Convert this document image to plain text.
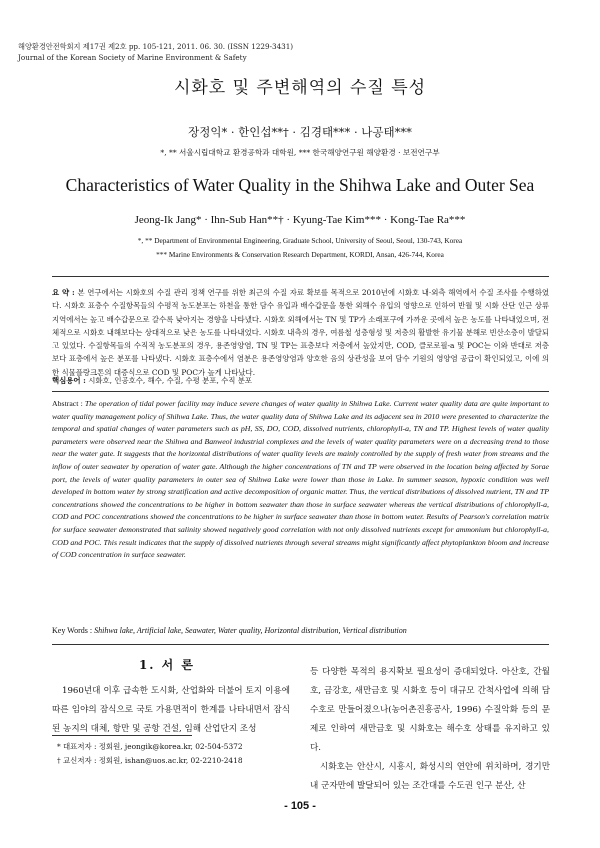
해양환경안전학회지 제17권 제2호 pp. 105-121, 2011. 06. 30. (ISSN 1229-3431)
Journal of the Korean Society of Marine Environment & Safety
시화호 및 주변해역의 수질 특성
장정익* · 한인섭**† · 김경태*** · 나공태***
*, ** 서울시립대학교 환경공학과 대학원, *** 한국해양연구원 해양환경 · 보전연구부
Characteristics of Water Quality in the Shihwa Lake and Outer Sea
Jeong-Ik Jang* · Ihn-Sub Han**† · Kyung-Tae Kim*** · Kong-Tae Ra***
*, ** Department of Environmental Engineering, Graduate School, University of Seoul, Seoul, 130-743, Korea
*** Marine Environments & Conservation Research Department, KORDI, Ansan, 426-744, Korea
요 약 : 본 연구에서는 시화호의 수질 관리 정책 연구를 위한 최근의 수질 자료 확보를 목적으로 2010년에 시화호 내·외측 해역에서 수질 조사를 수행하였다. 시화호 표층수 수질항목들의 수평적 농도분포는 하천을 통한 담수 유입과 배수갑문을 통한 외해수 유입의 영향으로 인하여 반월 및 시화 산단 인근 상류지역에서는 높고 배수갑문으로 갈수록 낮아지는 경향을 나타냈다. 시화호 외해에서는 TN 및 TP가 소래포구에 가까운 곳에서 높은 농도를 나타내었으며, 전체적으로 시화호 내해보다는 상대적으로 낮은 농도를 나타내었다. 시화호 내측의 경우, 여름철 성층형성 및 저층의 활발한 유기물 분해로 빈산소층이 발달되고 있었다. 수질항목들의 수직적 농도분포의 경우, 용존영양염, TN 및 TP는 표층보다 저층에서 높았지만, COD, 클로로필-a 및 POC는 이와 반대로 저층보다 표층에서 높은 분포를 나타냈다. 시화호 표층수에서 염분은 용존영양염과 양호한 음의 상관성을 보여 담수 기원의 영양염 공급이 확인되었고, 이에 의한 식물플랑크톤의 대증식으로 COD 및 POC가 높게 나타났다.
핵심용어 : 시화호, 인공호수, 해수, 수질, 수평 분포, 수직 분포
Abstract : The operation of tidal power facility may induce severe changes of water quality in Shihwa Lake. Current water quality data are quite important to water quality management policy of Shihwa Lake. Thus, the water quality data of Shihwa Lake and its adjacent sea in 2010 were presented to characterize the temporal and spatial changes of water parameters such as pH, SS, DO, COD, dissolved nutrients, chlorophyll-a, TN and TP. Highest levels of water quality parameters were observed near the Shihwa and Banweol industrial complexes and the levels of water quality parameters were on a decreasing trend to those near the water gate. It suggests that the horizontal distributions of water quality levels are mainly controlled by the supply of fresh water from streams and the inflow of outer seawater by operation of water gate. Although the higher concentrations of TN and TP were observed in the location being affected by Sorae port, the levels of water quality parameters in outer sea of Shihwa Lake were lower than those in Lake. In summer season, hypoxic condition was well developed in bottom water by strong stratification and active decomposition of organic matter. Thus, the vertical distributions of dissolved nutrient, TN and TP concentrations showed the concentrations to be higher in bottom seawater than those in surface seawater whereas the vertical distributions of chlorophyll-a, COD and POC concentrations showed the concentrations to be higher in surface seawater than those in bottom water. Results of Pearson's correlation matrix for surface seawater demonstrated that salinity showed negatively good correlation with not only dissolved nutrients except for ammonium but chlorophyll-a, COD and POC. This result indicates that the supply of dissolved nutrients through several streams might significantly affect phytoplankton bloom and increase of COD concentration in surface seawater.
Key Words : Shihwa lake, Artificial lake, Seawater, Water quality, Horizontal distribution, Vertical distribution
1. 서 론

1960년대 이후 급속한 도시화, 산업화와 더불어 토지 이용에 따른 임야의 잠식으로 국토 가용면적이 한계를 나타내면서 잠식된 농지의 대체, 항만 및 공항 건설, 임해 산업단지 조성

등 다양한 목적의 용지확보 필요성이 증대되었다. 아산호, 간월호, 금강호, 새만금호 및 시화호 등이 대규모 간척사업에 의해 담수호로 만들어졌으나(농어촌진흥공사, 1996) 수질악화 등의 문제로 인하여 새만금호 및 시화호는 해수호 상태를 유지하고 있다.

시화호는 안산시, 시흥시, 화성시의 연안에 위치하며, 경기만내 군자만에 발달되어 있는 조간대를 수도권 인구 분산, 산

* 대표저자 : 정회원, jeongik@korea.kr, 02-504-5372
† 교신저자 : 정회원, ishan@uos.ac.kr, 02-2210-2418
- 105 -
